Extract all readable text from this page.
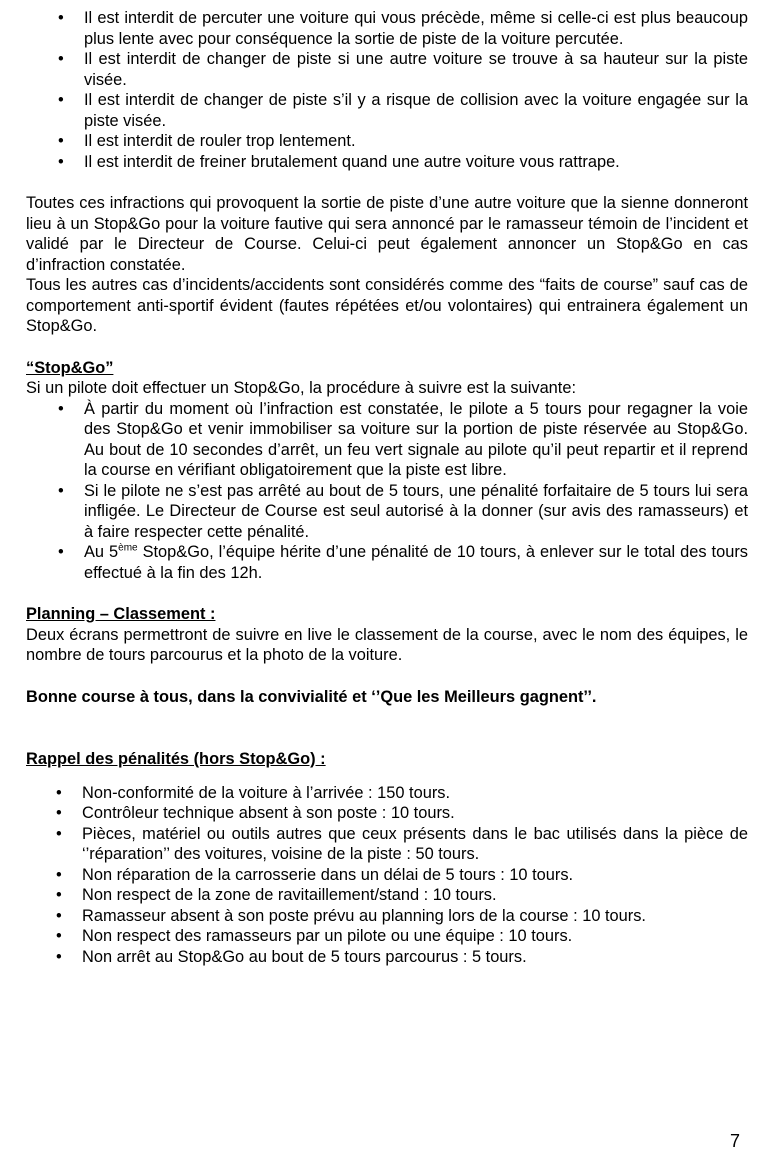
• Il est interdit de percuter une voiture qui vous précède, même si celle-ci est plus beaucoup plus lente avec pour conséquence la sortie de piste de la voiture percutée.
• Il est interdit de changer de piste si une autre voiture se trouve à sa hauteur sur la piste visée.
• Il est interdit de changer de piste s’il y a risque de collision avec la voiture engagée sur la piste visée.
• Il est interdit de rouler trop lentement.
• Il est interdit de freiner brutalement quand une autre voiture vous rattrape.

Toutes ces infractions qui provoquent la sortie de piste d’une autre voiture que la sienne donneront lieu à un Stop&Go pour la voiture fautive qui sera annoncé par le ramasseur témoin de l’incident et validé par le Directeur de Course. Celui-ci peut également annoncer un Stop&Go en cas d’infraction constatée.

Tous les autres cas d’incidents/accidents sont considérés comme des “faits de course” sauf cas de comportement anti-sportif évident (fautes répétées et/ou volontaires) qui entrainera également un Stop&Go.

“Stop&Go”

Si un pilote doit effectuer un Stop&Go, la procédure à suivre est la suivante:

• À partir du moment où l’infraction est constatée, le pilote a 5 tours pour regagner la voie des Stop&Go et venir immobiliser sa voiture sur la portion de piste réservée au Stop&Go. Au bout de 10 secondes d’arrêt, un feu vert signale au pilote qu’il peut repartir et il reprend la course en vérifiant obligatoirement que la piste est libre.
• Si le pilote ne s’est pas arrêté au bout de 5 tours, une pénalité forfaitaire de 5 tours lui sera infligée. Le Directeur de Course est seul autorisé à la donner (sur avis des ramasseurs) et à faire respecter cette pénalité.
• Au 5ème Stop&Go, l’équipe hérite d’une pénalité de 10 tours, à enlever sur le total des tours effectué à la fin des 12h.
Planning – Classement :

Deux écrans permettront de suivre en live le classement de la course, avec le nom des équipes, le nombre de tours parcourus et la photo de la voiture.

Bonne course à tous, dans la convivialité et ‘’Que les Meilleurs gagnent’’.

Rappel des pénalités (hors Stop&Go) :
• Non-conformité de la voiture à l’arrivée : 150 tours.
• Contrôleur technique absent à son poste : 10 tours.
• Pièces, matériel ou outils autres que ceux présents dans le bac utilisés dans la pièce de ‘’réparation’’ des voitures, voisine de la piste : 50 tours.
• Non réparation de la carrosserie dans un délai de 5 tours : 10 tours.
• Non respect de la zone de ravitaillement/stand : 10 tours.
• Ramasseur absent à son poste prévu au planning lors de la course : 10 tours.
• Non respect des ramasseurs par un pilote ou une équipe : 10 tours.
• Non arrêt au Stop&Go au bout de 5 tours parcourus : 5 tours.
7
